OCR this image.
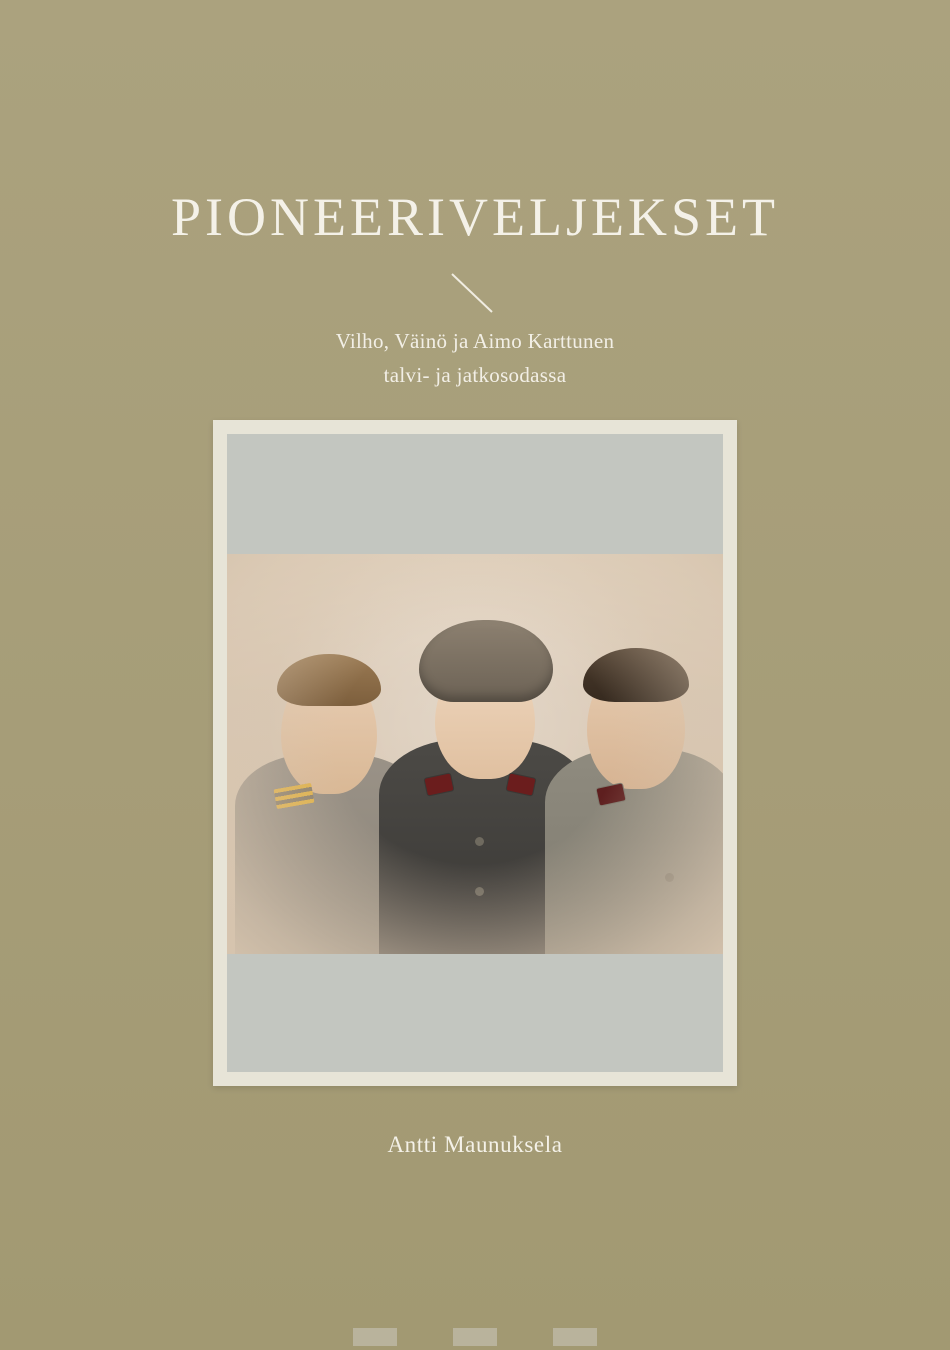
PIONEERIVELJEKSET
Vilho, Väinö ja Aimo Karttunen talvi- ja jatkosodassa
Antti Maunuksela
